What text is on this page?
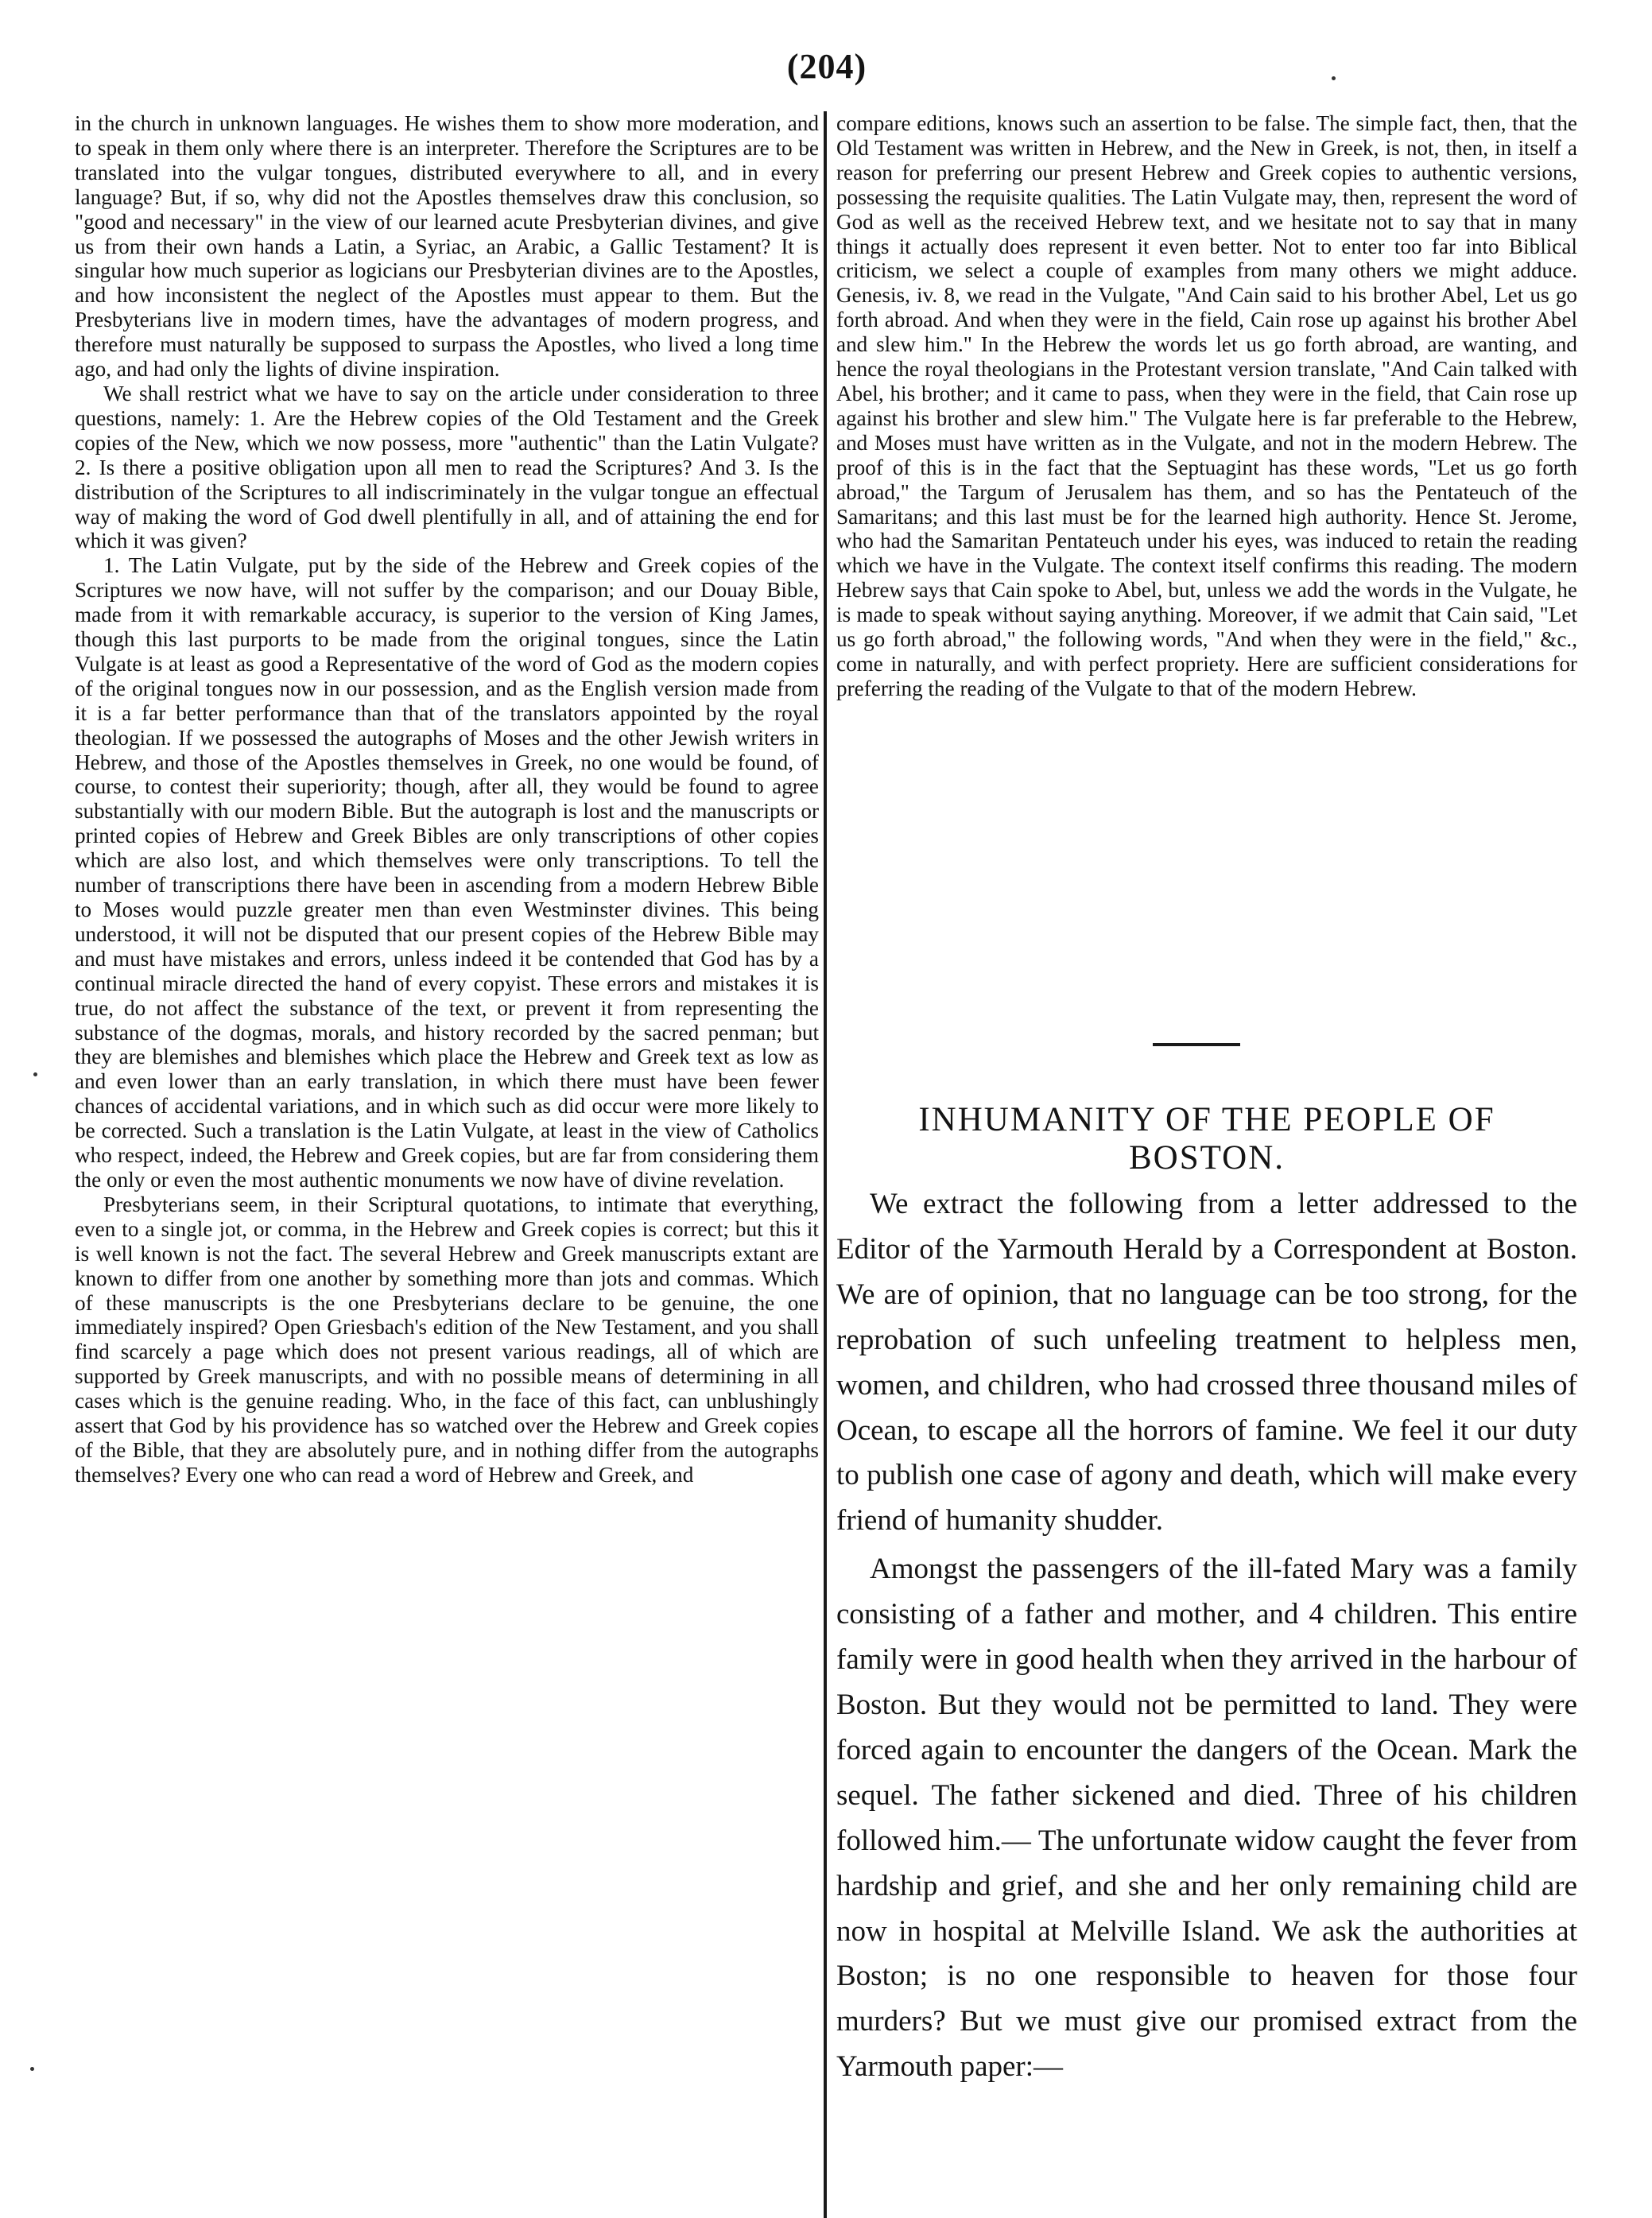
(204)

in the church in unknown languages. He wishes them to show more moderation, and to speak in them only where there is an interpreter. Therefore the Scriptures are to be translated into the vulgar tongues, distributed everywhere to all, and in every language? But, if so, why did not the Apostles themselves draw this conclusion, so "good and necessary" in the view of our learned acute Presbyterian divines, and give us from their own hands a Latin, a Syriac, an Arabic, a Gallic Testament? It is singular how much superior as logicians our Presbyterian divines are to the Apostles, and how inconsistent the neglect of the Apostles must appear to them. But the Presbyterians live in modern times, have the advantages of modern progress, and therefore must naturally be supposed to surpass the Apostles, who lived a long time ago, and had only the lights of divine inspiration.

We shall restrict what we have to say on the article under consideration to three questions, namely: 1. Are the Hebrew copies of the Old Testament and the Greek copies of the New, which we now possess, more "authentic" than the Latin Vulgate? 2. Is there a positive obligation upon all men to read the Scriptures? And 3. Is the distribution of the Scriptures to all indiscriminately in the vulgar tongue an effectual way of making the word of God dwell plentifully in all, and of attaining the end for which it was given?

1. The Latin Vulgate, put by the side of the Hebrew and Greek copies of the Scriptures we now have, will not suffer by the comparison; and our Douay Bible, made from it with remarkable accuracy, is superior to the version of King James, though this last purports to be made from the original tongues, since the Latin Vulgate is at least as good a Representative of the word of God as the modern copies of the original tongues now in our possession, and as the English version made from it is a far better performance than that of the translators appointed by the royal theologian. If we possessed the autographs of Moses and the other Jewish writers in Hebrew, and those of the Apostles themselves in Greek, no one would be found, of course, to contest their superiority; though, after all, they would be found to agree substantially with our modern Bible. But the autograph is lost and the manuscripts or printed copies of Hebrew and Greek Bibles are only transcriptions of other copies which are also lost, and which themselves were only transcriptions. To tell the number of transcriptions there have been in ascending from a modern Hebrew Bible to Moses would puzzle greater men than even Westminster divines. This being understood, it will not be disputed that our present copies of the Hebrew Bible may and must have mistakes and errors, unless indeed it be contended that God has by a continual miracle directed the hand of every copyist. These errors and mistakes it is true, do not affect the substance of the text, or prevent it from representing the substance of the dogmas, morals, and history recorded by the sacred penman; but they are blemishes and blemishes which place the Hebrew and Greek text as low as and even lower than an early translation, in which there must have been fewer chances of accidental variations, and in which such as did occur were more likely to be corrected. Such a translation is the Latin Vulgate, at least in the view of Catholics who respect, indeed, the Hebrew and Greek copies, but are far from considering them the only or even the most authentic monuments we now have of divine revelation.

Presbyterians seem, in their Scriptural quotations, to intimate that everything, even to a single jot, or comma, in the Hebrew and Greek copies is correct; but this it is well known is not the fact. The several Hebrew and Greek manuscripts extant are known to differ from one another by something more than jots and commas. Which of these manuscripts is the one Presbyterians declare to be genuine, the one immediately inspired? Open Griesbach's edition of the New Testament, and you shall find scarcely a page which does not present various readings, all of which are supported by Greek manuscripts, and with no possible means of determining in all cases which is the genuine reading. Who, in the face of this fact, can unblushingly assert that God by his providence has so watched over the Hebrew and Greek copies of the Bible, that they are absolutely pure, and in nothing differ from the autographs themselves? Every one who can read a word of Hebrew and Greek, and

compare editions, knows such an assertion to be false. The simple fact, then, that the Old Testament was written in Hebrew, and the New in Greek, is not, then, in itself a reason for preferring our present Hebrew and Greek copies to authentic versions, possessing the requisite qualities. The Latin Vulgate may, then, represent the word of God as well as the received Hebrew text, and we hesitate not to say that in many things it actually does represent it even better. Not to enter too far into Biblical criticism, we select a couple of examples from many others we might adduce. Genesis, iv. 8, we read in the Vulgate, "And Cain said to his brother Abel, Let us go forth abroad. And when they were in the field, Cain rose up against his brother Abel and slew him." In the Hebrew the words let us go forth abroad, are wanting, and hence the royal theologians in the Protestant version translate, "And Cain talked with Abel, his brother; and it came to pass, when they were in the field, that Cain rose up against his brother and slew him." The Vulgate here is far preferable to the Hebrew, and Moses must have written as in the Vulgate, and not in the modern Hebrew. The proof of this is in the fact that the Septuagint has these words, "Let us go forth abroad," the Targum of Jerusalem has them, and so has the Pentateuch of the Samaritans; and this last must be for the learned high authority. Hence St. Jerome, who had the Samaritan Pentateuch under his eyes, was induced to retain the reading which we have in the Vulgate. The context itself confirms this reading. The modern Hebrew says that Cain spoke to Abel, but, unless we add the words in the Vulgate, he is made to speak without saying anything. Moreover, if we admit that Cain said, "Let us go forth abroad," the following words, "And when they were in the field," &c., come in naturally, and with perfect propriety. Here are sufficient considerations for preferring the reading of the Vulgate to that of the modern Hebrew.

INHUMANITY OF THE PEOPLE OF
BOSTON.

We extract the following from a letter addressed to the Editor of the Yarmouth Herald by a Correspondent at Boston. We are of opinion, that no language can be too strong, for the reprobation of such unfeeling treatment to helpless men, women, and children, who had crossed three thousand miles of Ocean, to escape all the horrors of famine. We feel it our duty to publish one case of agony and death, which will make every friend of humanity shudder.

Amongst the passengers of the ill-fated Mary was a family consisting of a father and mother, and 4 children. This entire family were in good health when they arrived in the harbour of Boston. But they would not be permitted to land. They were forced again to encounter the dangers of the Ocean. Mark the sequel. The father sickened and died. Three of his children followed him.— The unfortunate widow caught the fever from hardship and grief, and she and her only remaining child are now in hospital at Melville Island. We ask the authorities at Boston; is no one responsible to heaven for those four murders? But we must give our promised extract from the Yarmouth paper:—
